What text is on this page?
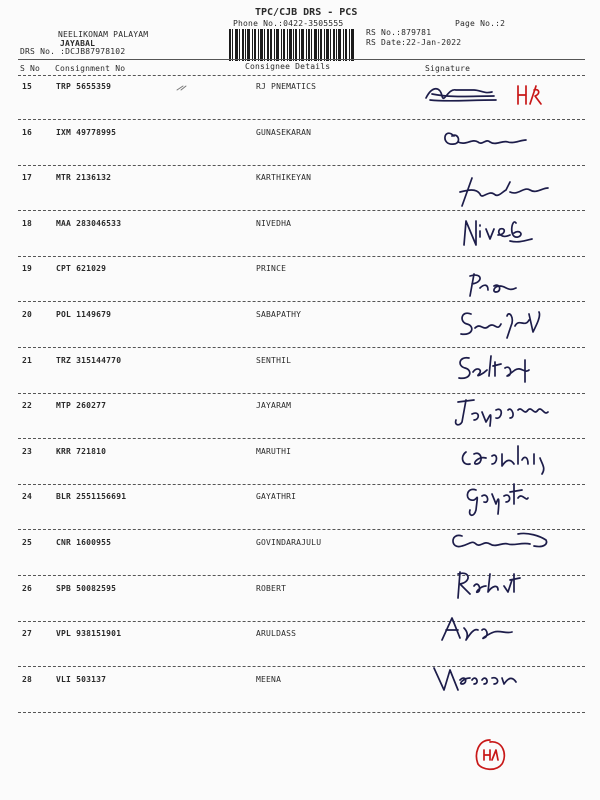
TPC/CJB DRS - PCS
Phone No.:0422-3505555	Page No.:2
NEELIKONAM PALAYAM
JAYABAL
RS No.:879781
RS Date:22-Jan-2022
DRS No. :DCJB87978102
S No Consignment No	Consignee Details	Signature
15	TRP 5655359	RJ PNEMATICS
16	IXM 49778995	GUNASEKARAN
17	MTR 2136132	KARTHIKEYAN
18	MAA 283046533	NIVEDHA
19	CPT 621029	PRINCE
20	POL 1149679	SABAPATHY
21	TRZ 315144770	SENTHIL
22	MTP 260277	JAYARAM
23	KRR 721810	MARUTHI
24	BLR 2551156691	GAYATHRI
25	CNR 1600955	GOVINDARAJULU
26	SPB 50082595	ROBERT
27	VPL 938151901	ARULDASS
28	VLI 503137	MEENA
